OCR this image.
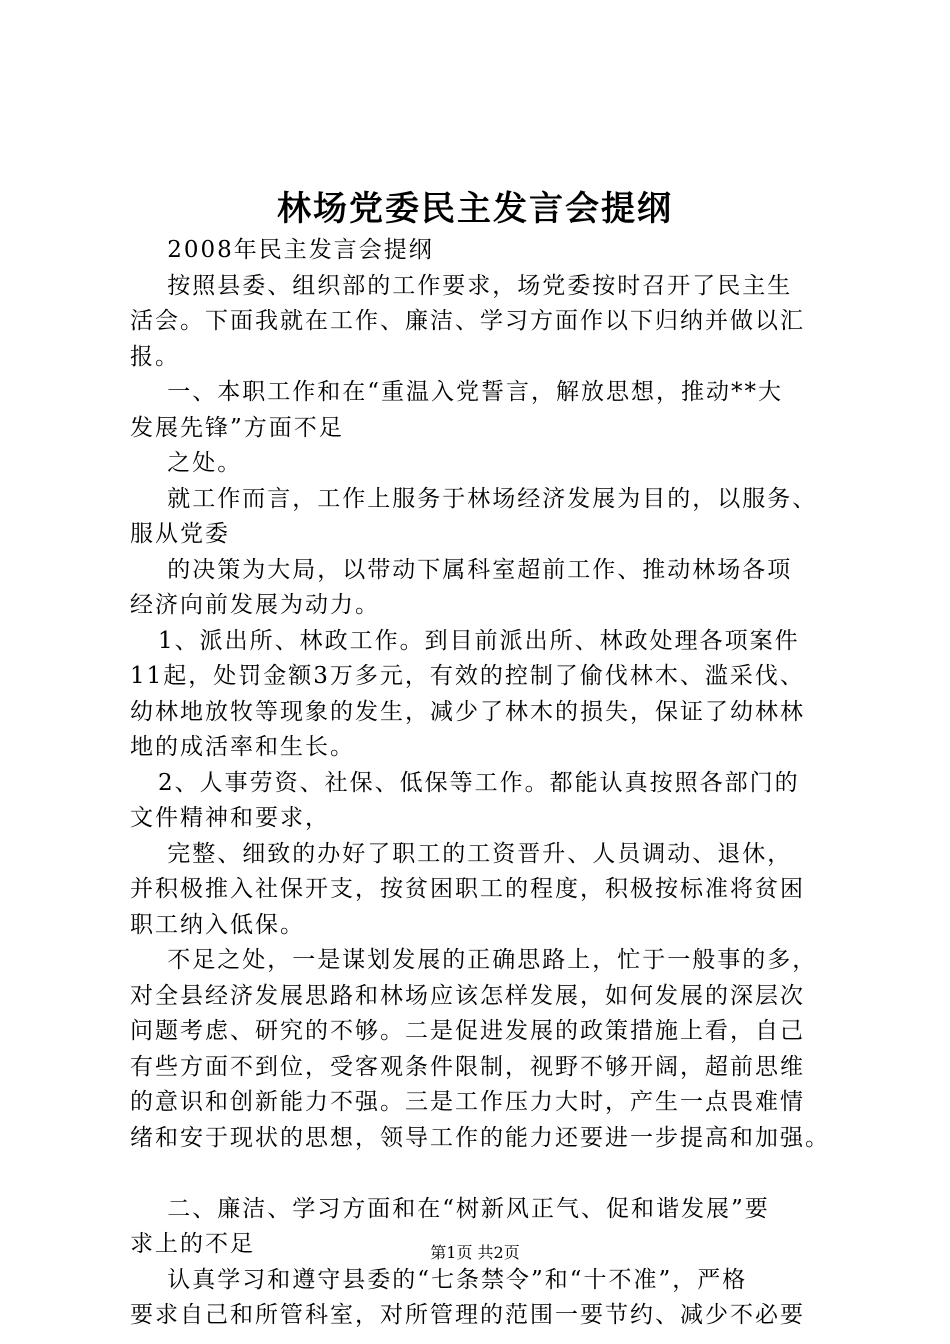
林场党委民主发言会提纲
2008年民主发言会提纲
按照县委、组织部的工作要求，场党委按时召开了民主生
活会。下面我就在工作、廉洁、学习方面作以下归纳并做以汇
报。
一、本职工作和在“重温入党誓言，解放思想，推动**大
发展先锋”方面不足
之处。
就工作而言，工作上服务于林场经济发展为目的，以服务、
服从党委
的决策为大局，以带动下属科室超前工作、推动林场各项
经济向前发展为动力。
1、派出所、林政工作。到目前派出所、林政处理各项案件
11起，处罚金额3万多元，有效的控制了偷伐林木、滥采伐、
幼林地放牧等现象的发生，减少了林木的损失，保证了幼林林
地的成活率和生长。
2、人事劳资、社保、低保等工作。都能认真按照各部门的
文件精神和要求，
完整、细致的办好了职工的工资晋升、人员调动、退休，
并积极推入社保开支，按贫困职工的程度，积极按标准将贫困
职工纳入低保。
不足之处，一是谋划发展的正确思路上，忙于一般事的多，
对全县经济发展思路和林场应该怎样发展，如何发展的深层次
问题考虑、研究的不够。二是促进发展的政策措施上看，自己
有些方面不到位，受客观条件限制，视野不够开阔，超前思维
的意识和创新能力不强。三是工作压力大时，产生一点畏难情
绪和安于现状的思想，领导工作的能力还要进一步提高和加强。
二、廉洁、学习方面和在“树新风正气、促和谐发展”要
求上的不足
认真学习和遵守县委的“七条禁令”和“十不准”，严格
要求自己和所管科室，对所管理的范围一要节约、减少不必要
第1页 共2页
